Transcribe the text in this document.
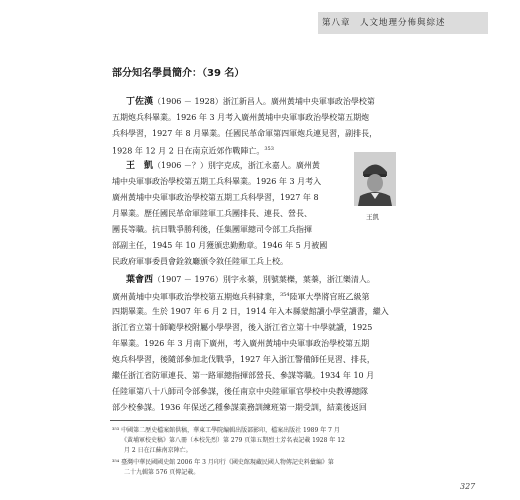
第八章　人文地理分佈與綜述
部分知名學員簡介：（39 名）
丁佐漢（1906 － 1928）浙江新昌人。廣州黃埔中央軍事政治學校第
五期炮兵科畢業。1926 年 3 月考入廣州黃埔中央軍事政治學校第五期炮
兵科學習，1927 年 8 月畢業。任國民革命軍第四軍炮兵連見習，副排長，
1928 年 12 月 2 日在南京近郊作戰陣亡。$^{353}$
王　凱（1906 －？）別字克成，浙江永嘉人。廣州黃
埔中央軍事政治學校第五期工兵科畢業。1926 年 3 月考入
廣州黃埔中央軍事政治學校第五期工兵科學習，1927 年 8
月畢業。歷任國民革命軍陸軍工兵團排長、連長、營長、
團長等職。抗日戰爭勝利後，任集團軍總司令部工兵指揮
部副主任，1945 年 10 月獲頒忠勤勳章。1946 年 5 月被國
民政府軍事委員會銓敘廳頒令敘任陸軍工兵上校。
王凱
葉會西（1907 － 1976）別字永蓁，別號葉櫟，葉蓁，浙江樂清人。
廣州黃埔中央軍事政治學校第五期炮兵科肄業，$^{354}$陸軍大學將官班乙級第
四期畢業。生於 1907 年 6 月 2 日，1914 年入本縣蒙館讀小學堂讀書，繼入
浙江省立第十師範學校附屬小學學習，後入浙江省立第十中學就讀，1925
年畢業。1926 年 3 月南下廣州，考入廣州黃埔中央軍事政治學校第五期
炮兵科學習，後隨部參加北伐戰爭，1927 年入浙江警備師任見習、排長，
繼任浙江省防軍連長、第一路軍總指揮部營長、參謀等職。1934 年 10 月
任陸軍第八十八師司令部參謀，後任南京中央陸軍軍官學校中央教導總隊
部少校參謀。1936 年保送乙種參謀業務訓練班第一期受訓，結業後返回
³⁵³ 中國第二歷史檔案館供稿，華東工學院編輯出版部影印，檔案出版社 1989 年 7 月
　　《黃埔軍校史稿》第八冊（本校先烈）第 279 頁第五期烈士芳名表記載 1928 年 12
　　月 2 日在江蘇南京陣亡。
³⁵⁴ 臺灣中華民國國史館 2006 年 3 月印行《國史館現藏民國人物傳記史料彙編》第
　　二十九輯第 576 頁傳記載。
327
